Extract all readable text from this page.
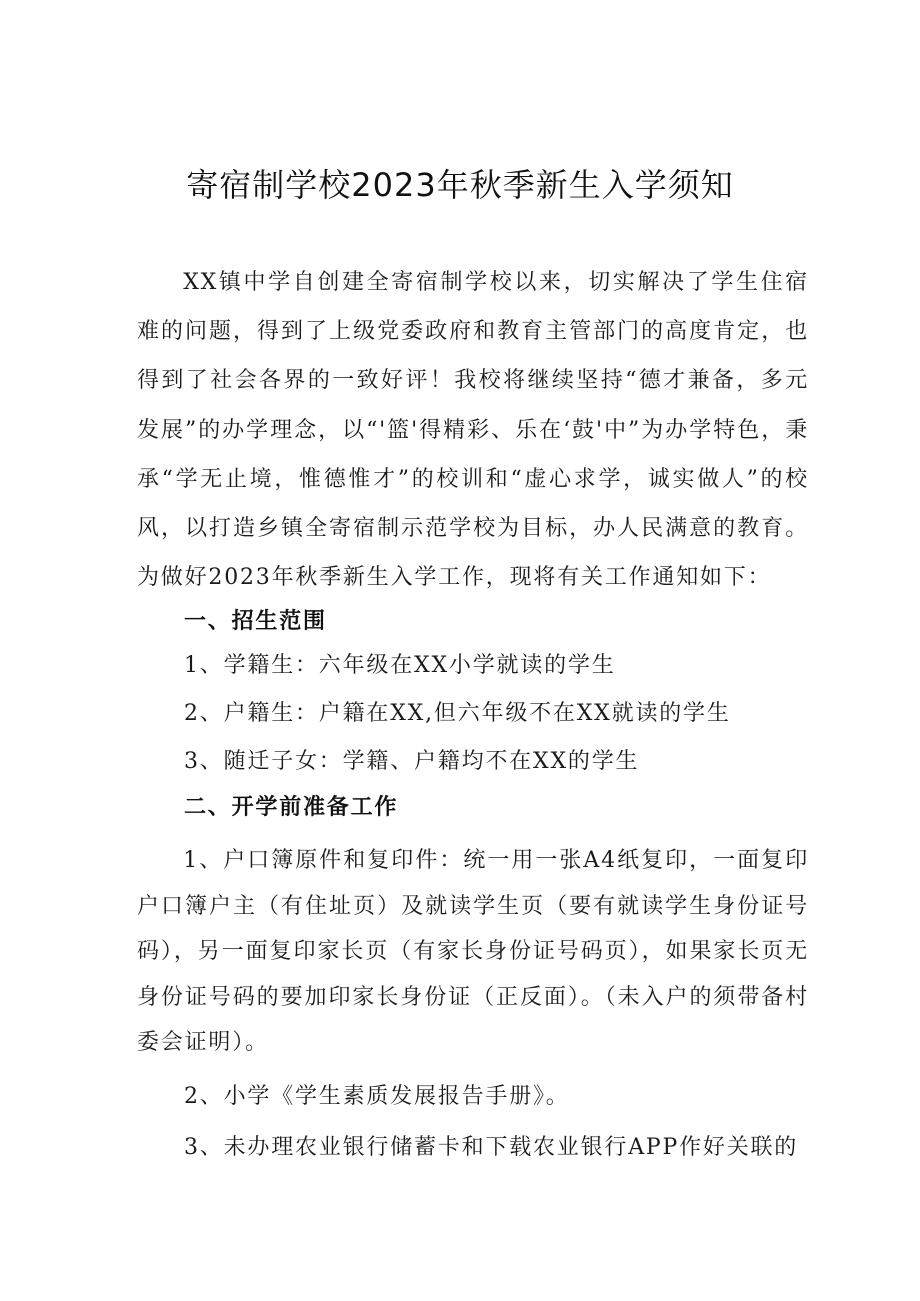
寄宿制学校2023年秋季新生入学须知
XX镇中学自创建全寄宿制学校以来，切实解决了学生住宿难的问题，得到了上级党委政府和教育主管部门的高度肯定，也得到了社会各界的一致好评！我校将继续坚持“德才兼备，多元发展”的办学理念，以“'篮'得精彩、乐在‘鼓'中”为办学特色，秉承“学无止境，惟德惟才”的校训和“虚心求学，诚实做人”的校风，以打造乡镇全寄宿制示范学校为目标，办人民满意的教育。为做好2023年秋季新生入学工作，现将有关工作通知如下：
一、招生范围
1、学籍生：六年级在XX小学就读的学生
2、户籍生：户籍在XX,但六年级不在XX就读的学生
3、随迁子女：学籍、户籍均不在XX的学生
二、开学前准备工作
1、户口簿原件和复印件：统一用一张A4纸复印，一面复印户口簿户主（有住址页）及就读学生页（要有就读学生身份证号码），另一面复印家长页（有家长身份证号码页），如果家长页无身份证号码的要加印家长身份证（正反面）。（未入户的须带备村委会证明）。
2、小学《学生素质发展报告手册》。
3、未办理农业银行储蓄卡和下载农业银行APP作好关联的
